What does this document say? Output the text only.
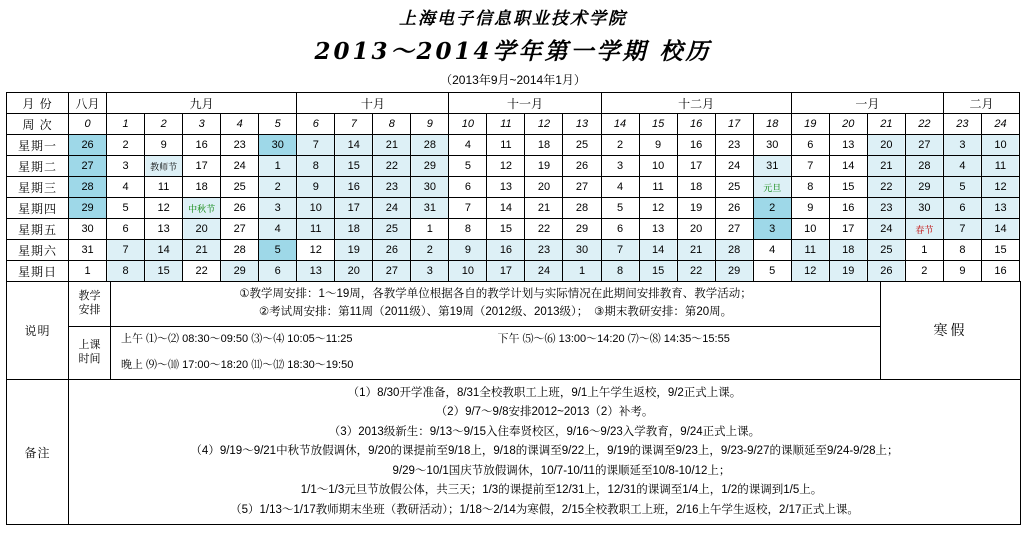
上海电子信息职业技术学院
2013～2014学年第一学期 校历
（2013年9月~2014年1月）
月 份	八月	九月					十月				十一月				十二月					一月				二月	
周 次	0	1	2	3	4	5	6	7	8	9	10	11	12	13	14	15	16	17	18	19	20	21	22	23	24
星期一	26	2	9	16	23	30	7	14	21	28	4	11	18	25	2	9	16	23	30	6	13	20	27	3	10
星期二	27	3	教师节	17	24	1	8	15	22	29	5	12	19	26	3	10	17	24	31	7	14	21	28	4	11
星期三	28	4	11	18	25	2	9	16	23	30	6	13	20	27	4	11	18	25	元旦	8	15	22	29	5	12
星期四	29	5	12	中秋节	26	3	10	17	24	31	7	14	21	28	5	12	19	26	2	9	16	23	30	6	13
星期五	30	6	13	20	27	4	11	18	25	1	8	15	22	29	6	13	20	27	3	10	17	24	春节	7	14
星期六	31	7	14	21	28	5	12	19	26	2	9	16	23	30	7	14	21	28	4	11	18	25	1	8	15
星期日	1	8	15	22	29	6	13	20	27	3	10	17	24	1	8	15	22	29	5	12	19	26	2	9	16
说明	教学
安排	
①教学周安排：1～19周，各教学单位根据各自的教学计划与实际情况在此期间安排教育、教学活动；
②考试周安排：第11周（2011级）、第19周（2012级、2013级）；　③期末教研安排：第20周。
	寒假
	上课
时间	上午 ⑴～⑵ 08:30～09:50 ⑶～⑷ 10:05～11:25 下午 ⑸～⑹ 13:00～14:20 ⑺～⑻ 14:35～15:55	

		晚上 ⑼～⑽ 17:00～18:20 ⑾～⑿ 18:30～19:50	

备注	
（1）8/30开学准备，8/31全校教职工上班，9/1上午学生返校，9/2正式上课。
（2）9/7～9/8安排2012~2013（2）补考。
（3）2013级新生：9/13～9/15入住奉贤校区，9/16～9/23入学教育，9/24正式上课。
（4）9/19～9/21中秋节放假调休，9/20的课提前至9/18上，9/18的课调至9/22上，9/19的课调至9/23上，9/23-9/27的课顺延至9/24-9/28上；
9/29～10/1国庆节放假调休，10/7-10/11的课顺延至10/8-10/12上；
1/1～1/3元旦节放假公体，共三天；1/3的课提前至12/31上，12/31的课调至1/4上，1/2的课调到1/5上。
（5）1/13～1/17教师期末坐班（教研活动）；1/18～2/14为寒假，2/15全校教职工上班，2/16上午学生返校，2/17正式上课。
